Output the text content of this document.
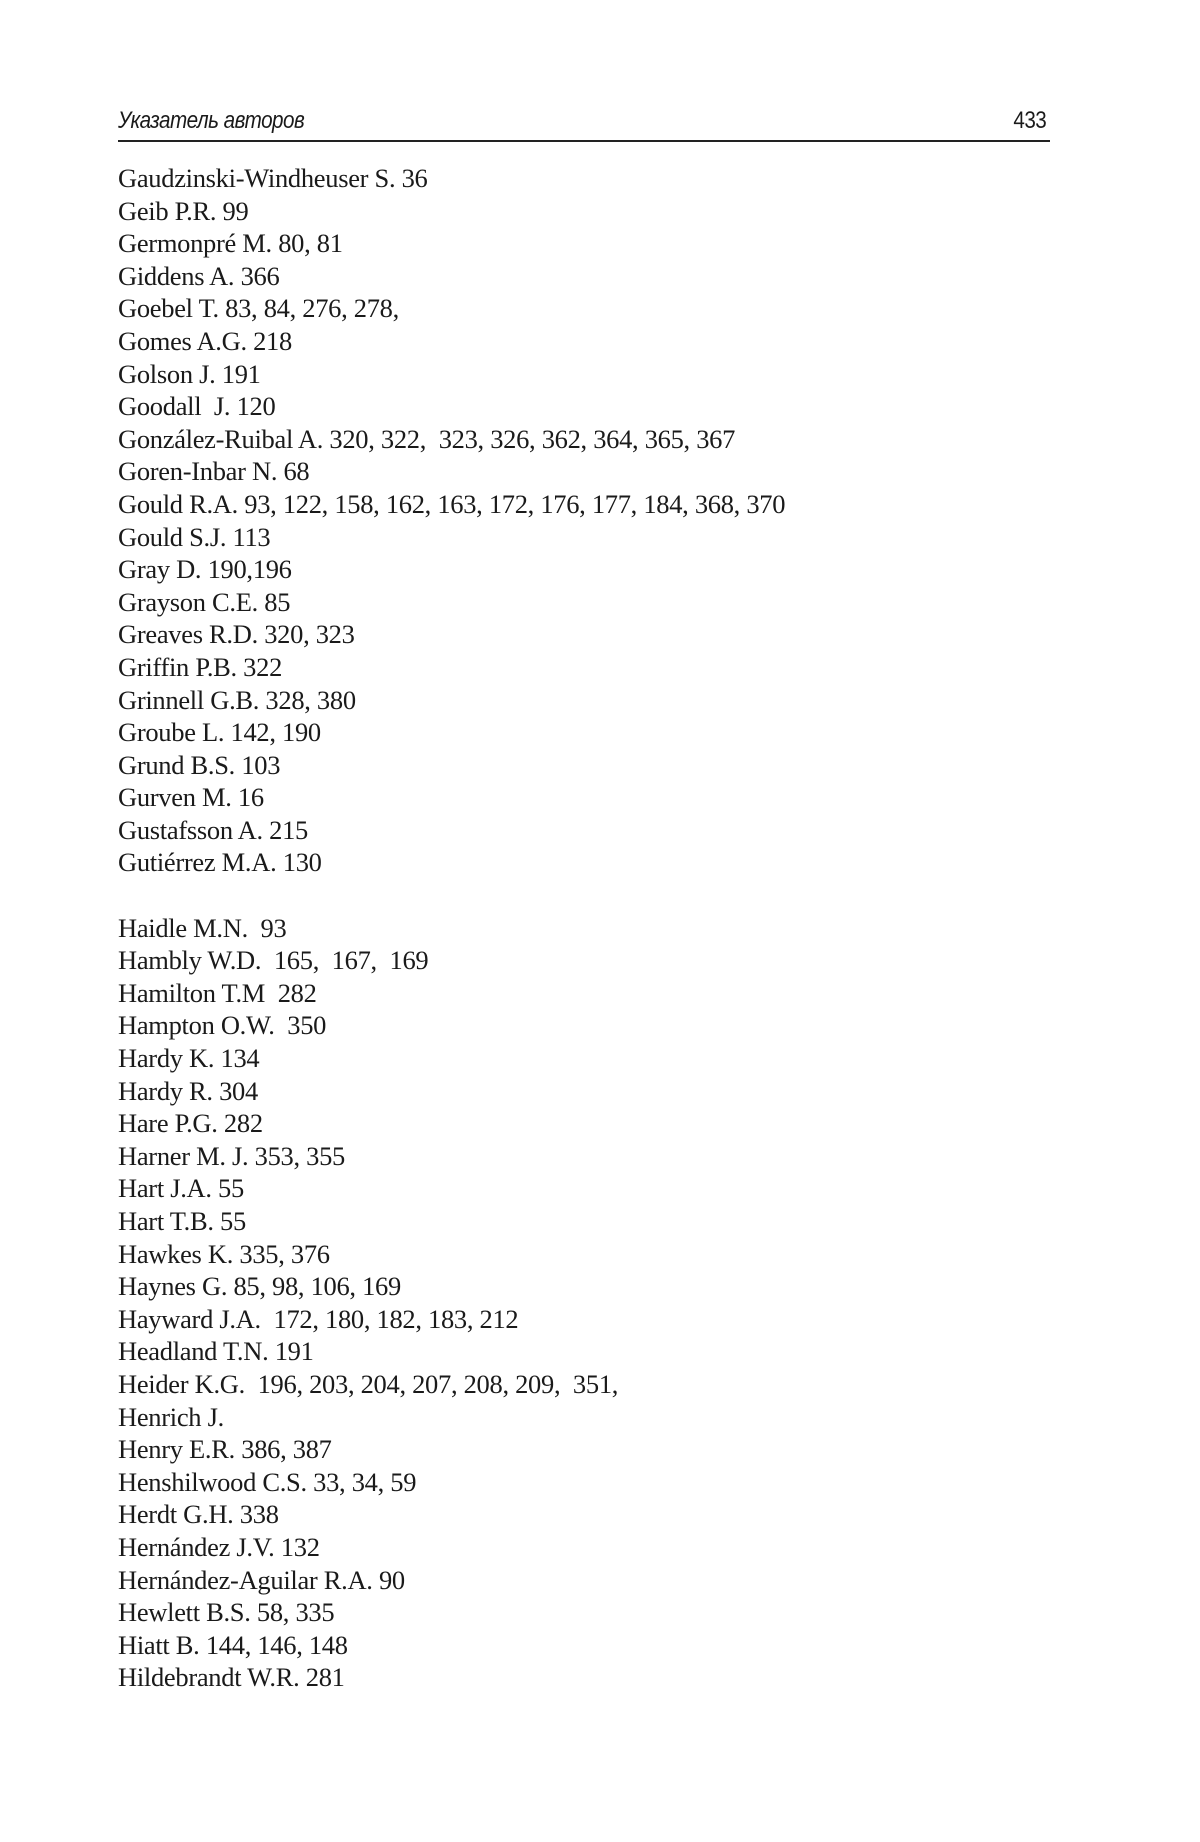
Указатель авторов	433
Gaudzinski-Windheuser S. 36
Geib P.R. 99
Germonpré M. 80, 81
Giddens A. 366
Goebel T. 83, 84, 276, 278,
Gomes A.G. 218
Golson J. 191
Goodall  J. 120
González-Ruibal A. 320, 322,  323, 326, 362, 364, 365, 367
Goren-Inbar N. 68
Gould R.A. 93, 122, 158, 162, 163, 172, 176, 177, 184, 368, 370
Gould S.J. 113
Gray D. 190,196
Grayson C.E. 85
Greaves R.D. 320, 323
Griffin P.B. 322
Grinnell G.B. 328, 380
Groube L. 142, 190
Grund B.S. 103
Gurven M. 16
Gustafsson A. 215
Gutiérrez M.A. 130
Haidle M.N.  93
Hambly W.D.  165,  167,  169
Hamilton T.M  282
Hampton O.W.  350
Hardy K. 134
Hardy R. 304
Hare P.G. 282
Harner M. J. 353, 355
Hart J.A. 55
Hart T.B. 55
Hawkes K. 335, 376
Haynes G. 85, 98, 106, 169
Hayward J.A.  172, 180, 182, 183, 212
Headland T.N. 191
Heider K.G.  196, 203, 204, 207, 208, 209,  351,
Henrich J.
Henry E.R. 386, 387
Henshilwood C.S. 33, 34, 59
Herdt G.H. 338
Hernández J.V. 132
Hernández-Aguilar R.A. 90
Hewlett B.S. 58, 335
Hiatt B. 144, 146, 148
Hildebrandt W.R. 281
